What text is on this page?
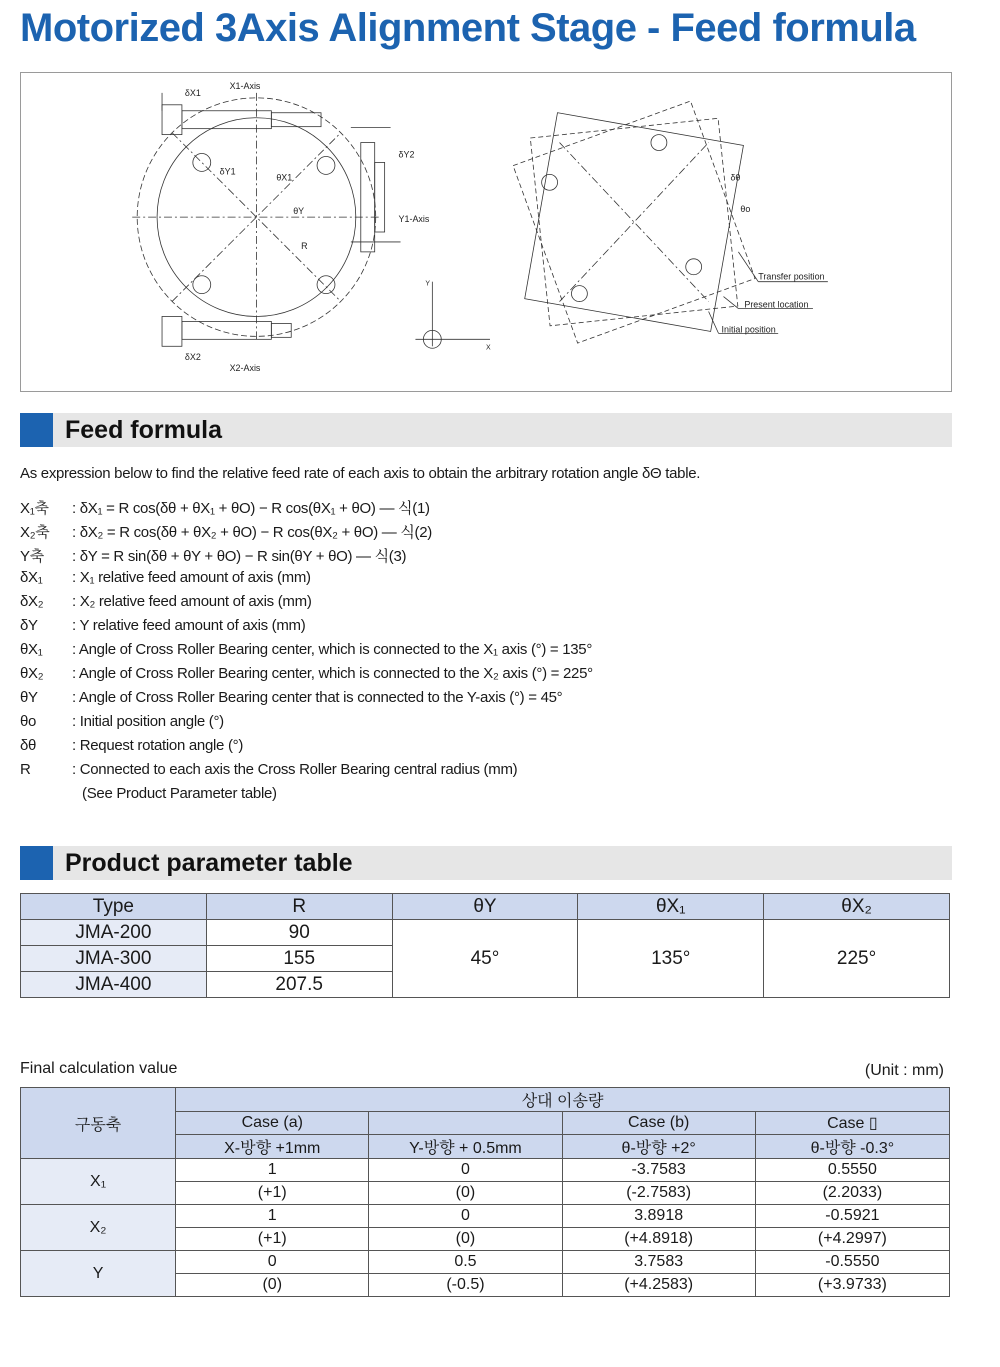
Motorized 3Axis Alignment Stage - Feed formula
δX1
X1-Axis
δX2
X2-Axis
δY2
Y1-Axis
θX1
θY
δY1
R
Y
X
Transfer position
Present location
Initial position
δθ
θo
Feed formula
As expression below to find the relative feed rate of each axis to obtain the arbitrary rotation angle δΘ table.
X₁축	: δX₁ = R cos(δθ + θX₁ + θO) − R cos(θX₁ + θO) — 식(1)
X₂축	: δX₂ = R cos(δθ + θX₂ + θO) − R cos(θX₂ + θO) — 식(2)
Y축	: δY = R sin(δθ + θY + θO) − R sin(θY + θO) — 식(3)
δX₁	: X₁ relative feed amount of axis (mm)
δX₂	: X₂ relative feed amount of axis (mm)
δY	: Y relative feed amount of axis (mm)
θX₁	: Angle of Cross Roller Bearing center, which is connected to the X₁ axis (°) = 135°
θX₂	: Angle of Cross Roller Bearing center, which is connected to the X₂ axis (°) = 225°
θY	: Angle of Cross Roller Bearing center that is connected to the Y-axis (°) = 45°
θo	: Initial position angle (°)
δθ	: Request rotation angle (°)
R	: Connected to each axis the Cross Roller Bearing central radius (mm)
(See Product Parameter table)
Product parameter table
Type	R	θY	θX₁	θX₂
JMA-200	90	45°	135°	225°
JMA-300	155			
JMA-400	207.5			
Final calculation value	(Unit : mm)
구동축	상대 이송량			
	Case (a)		Case (b)	Case ▯
	X-방향 +1mm	Y-방향 + 0.5mm	θ-방향 +2°	θ-방향 -0.3°
X₁	1	0	-3.7583	0.5550
	(+1)	(0)	(-2.7583)	(2.2033)
X₂	1	0	3.8918	-0.5921
	(+1)	(0)	(+4.8918)	(+4.2997)
Y	0	0.5	3.7583	-0.5550
	(0)	(-0.5)	(+4.2583)	(+3.9733)
